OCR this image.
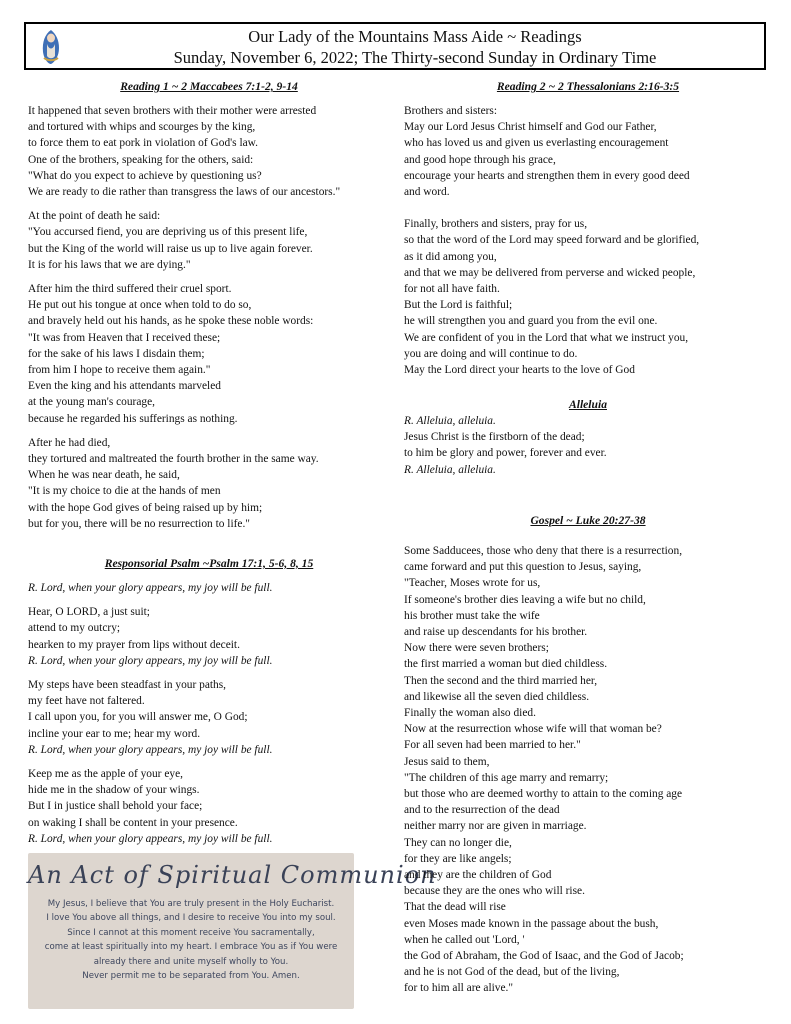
Our Lady of the Mountains Mass Aide ~ Readings
Sunday, November 6, 2022; The Thirty-second Sunday in Ordinary Time
Reading 1 ~ 2 Maccabees 7:1-2, 9-14
It happened that seven brothers with their mother were arrested
and tortured with whips and scourges by the king,
to force them to eat pork in violation of God's law.
One of the brothers, speaking for the others, said:
"What do you expect to achieve by questioning us?
We are ready to die rather than transgress the laws of our ancestors."
At the point of death he said:
"You accursed fiend, you are depriving us of this present life,
but the King of the world will raise us up to live again forever.
It is for his laws that we are dying."
After him the third suffered their cruel sport.
He put out his tongue at once when told to do so,
and bravely held out his hands, as he spoke these noble words:
"It was from Heaven that I received these;
for the sake of his laws I disdain them;
from him I hope to receive them again."
Even the king and his attendants marveled
at the young man's courage,
because he regarded his sufferings as nothing.
After he had died,
they tortured and maltreated the fourth brother in the same way.
When he was near death, he said,
"It is my choice to die at the hands of men
with the hope God gives of being raised up by him;
but for you, there will be no resurrection to life."
Responsorial Psalm ~Psalm 17:1, 5-6, 8, 15
R. Lord, when your glory appears, my joy will be full.
Hear, O LORD, a just suit;
attend to my outcry;
hearken to my prayer from lips without deceit.
R. Lord, when your glory appears, my joy will be full.
My steps have been steadfast in your paths,
my feet have not faltered.
I call upon you, for you will answer me, O God;
incline your ear to me; hear my word.
R. Lord, when your glory appears, my joy will be full.
Keep me as the apple of your eye,
hide me in the shadow of your wings.
But I in justice shall behold your face;
on waking I shall be content in your presence.
R. Lord, when your glory appears, my joy will be full.
An Act of Spiritual Communion
My Jesus, I believe that You are truly present in the Holy Eucharist.
I love You above all things, and I desire to receive You into my soul.
Since I cannot at this moment receive You sacramentally,
come at least spiritually into my heart. I embrace You as if You were
already there and unite myself wholly to You.
Never permit me to be separated from You. Amen.
Reading 2 ~ 2 Thessalonians 2:16-3:5
Brothers and sisters:
May our Lord Jesus Christ himself and God our Father,
who has loved us and given us everlasting encouragement
and good hope through his grace,
encourage your hearts and strengthen them in every good deed
and word.
Finally, brothers and sisters, pray for us,
so that the word of the Lord may speed forward and be glorified,
as it did among you,
and that we may be delivered from perverse and wicked people,
for not all have faith.
But the Lord is faithful;
he will strengthen you and guard you from the evil one.
We are confident of you in the Lord that what we instruct you,
you are doing and will continue to do.
May the Lord direct your hearts to the love of God
Alleluia
R. Alleluia, alleluia.
Jesus Christ is the firstborn of the dead;
to him be glory and power, forever and ever.
R. Alleluia, alleluia.
Gospel ~ Luke 20:27-38
Some Sadducees, those who deny that there is a resurrection,
came forward and put this question to Jesus, saying,
"Teacher, Moses wrote for us,
If someone's brother dies leaving a wife but no child,
his brother must take the wife
and raise up descendants for his brother.
Now there were seven brothers;
the first married a woman but died childless.
Then the second and the third married her,
and likewise all the seven died childless.
Finally the woman also died.
Now at the resurrection whose wife will that woman be?
For all seven had been married to her."
Jesus said to them,
"The children of this age marry and remarry;
but those who are deemed worthy to attain to the coming age
and to the resurrection of the dead
neither marry nor are given in marriage.
They can no longer die,
for they are like angels;
and they are the children of God
because they are the ones who will rise.
That the dead will rise
even Moses made known in the passage about the bush,
when he called out 'Lord, '
the God of Abraham, the God of Isaac, and the God of Jacob;
and he is not God of the dead, but of the living,
for to him all are alive."
